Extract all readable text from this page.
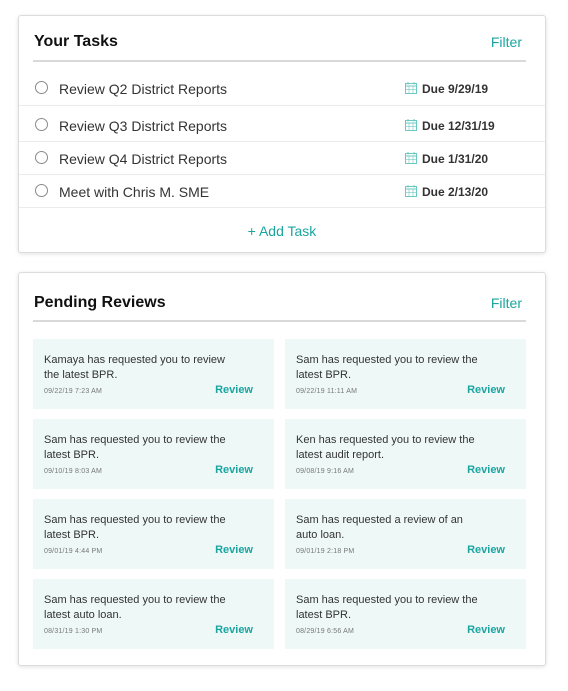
Your Tasks	Filter
Review Q2 District Reports	Due 9/29/19
Review Q3 District Reports	Due 12/31/19
Review Q4 District Reports	Due 1/31/20
Meet with Chris M. SME	Due 2/13/20
+ Add Task
Pending Reviews	Filter
Kamaya has requested you to review the latest BPR.
09/22/19 7:23 AM	Review
Sam has requested you to review the latest BPR.
09/22/19 11:11 AM	Review
Sam has requested you to review the latest BPR.
09/10/19 8:03 AM	Review
Ken has requested you to review the latest audit report.
09/08/19 9:16 AM	Review
Sam has requested you to review the latest BPR.
09/01/19 4:44 PM	Review
Sam has requested a review of an auto loan.
09/01/19 2:18 PM	Review
Sam has requested you to review the latest auto loan.
08/31/19 1:30 PM	Review
Sam has requested you to review the latest BPR.
08/29/19 6:56 AM	Review
